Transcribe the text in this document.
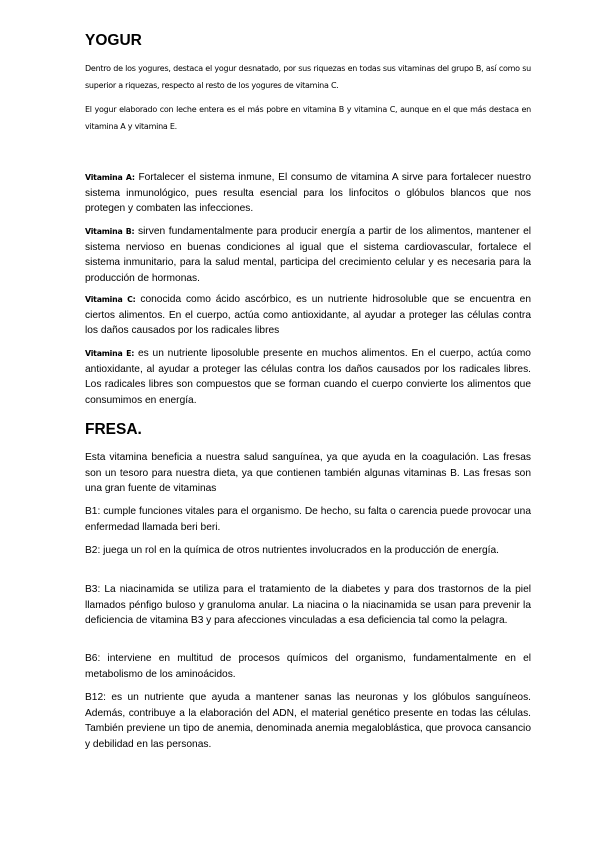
YOGUR

Dentro de los yogures, destaca el yogur desnatado, por sus riquezas en todas sus vitaminas del grupo B, así como su superior a riquezas, respecto al resto de los yogures de vitamina C.

El yogur elaborado con leche entera es el más pobre en vitamina B y vitamina C, aunque en el que más destaca en vitamina A y vitamina E.

Vitamina A: Fortalecer el sistema inmune, El consumo de vitamina A sirve para fortalecer nuestro sistema inmunológico, pues resulta esencial para los linfocitos o glóbulos blancos que nos protegen y combaten las infecciones.

Vitamina B: sirven fundamentalmente para producir energía a partir de los alimentos, mantener el sistema nervioso en buenas condiciones al igual que el sistema cardiovascular, fortalece el sistema inmunitario, para la salud mental, participa del crecimiento celular y es necesaria para la producción de hormonas.

Vitamina C: conocida como ácido ascórbico, es un nutriente hidrosoluble que se encuentra en ciertos alimentos. En el cuerpo, actúa como antioxidante, al ayudar a proteger las células contra los daños causados por los radicales libres

Vitamina E: es un nutriente liposoluble presente en muchos alimentos. En el cuerpo, actúa como antioxidante, al ayudar a proteger las células contra los daños causados por los radicales libres. Los radicales libres son compuestos que se forman cuando el cuerpo convierte los alimentos que consumimos en energía.

FRESA.

Esta vitamina beneficia a nuestra salud sanguínea, ya que ayuda en la coagulación. Las fresas son un tesoro para nuestra dieta, ya que contienen también algunas vitaminas B. Las fresas son una gran fuente de vitaminas

B1: cumple funciones vitales para el organismo. De hecho, su falta o carencia puede provocar una enfermedad llamada beri beri.

B2: juega un rol en la química de otros nutrientes involucrados en la producción de energía.

B3: La niacinamida se utiliza para el tratamiento de la diabetes y para dos trastornos de la piel llamados pénfigo buloso y granuloma anular. La niacina o la niacinamida se usan para prevenir la deficiencia de vitamina B3 y para afecciones vinculadas a esa deficiencia tal como la pelagra.

B6: interviene en multitud de procesos químicos del organismo, fundamentalmente en el metabolismo de los aminoácidos.

B12: es un nutriente que ayuda a mantener sanas las neuronas y los glóbulos sanguíneos. Además, contribuye a la elaboración del ADN, el material genético presente en todas las células. También previene un tipo de anemia, denominada anemia megaloblástica, que provoca cansancio y debilidad en las personas.
